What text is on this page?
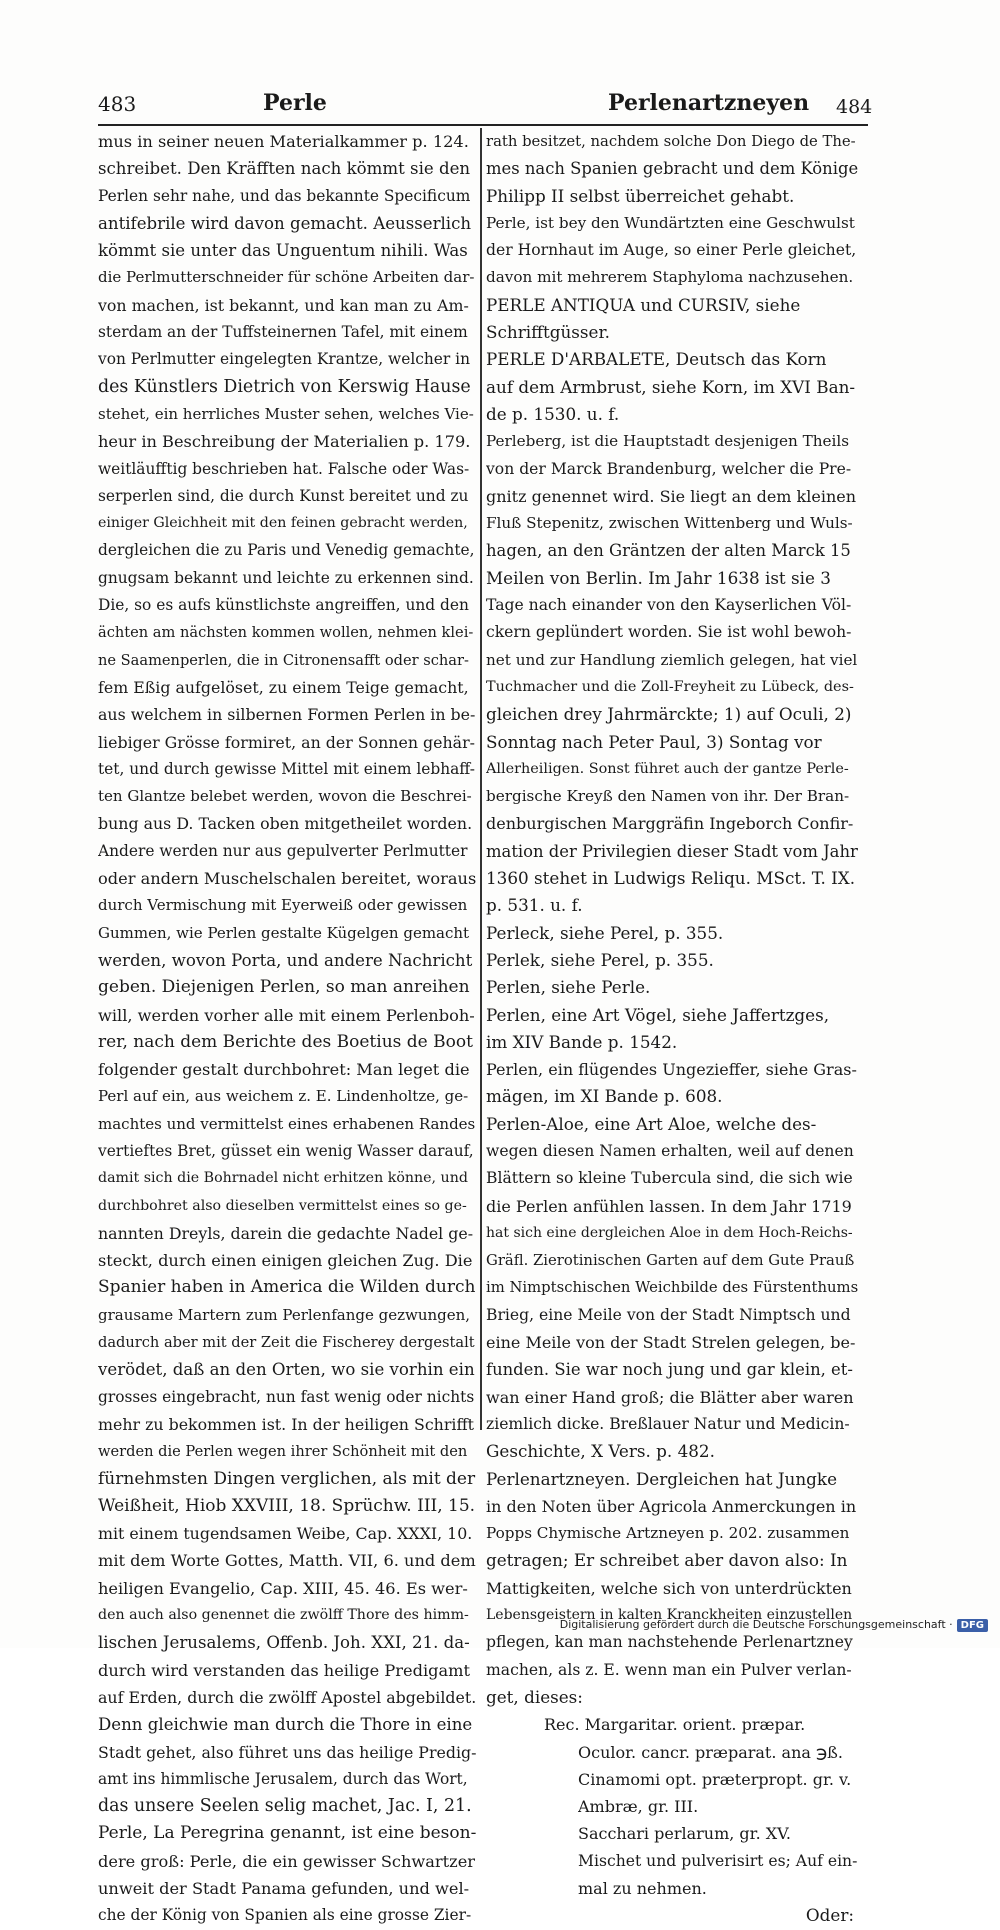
483	Perle	Perlenartzneyen 484
mus in seiner neuen Materialkammer p. 124.
schreibet. Den Kräfften nach kömmt sie den
Perlen sehr nahe, und das bekannte Specificum
antifebrile wird davon gemacht. Aeusserlich
kömmt sie unter das Unguentum nihili. Was
die Perlmutterschneider für schöne Arbeiten dar-
von machen, ist bekannt, und kan man zu Am-
sterdam an der Tuffsteinernen Tafel, mit einem
von Perlmutter eingelegten Krantze, welcher in
des Künstlers Dietrich von Kerswig Hause
stehet, ein herrliches Muster sehen, welches Vie-
heur in Beschreibung der Materialien p. 179.
weitläufftig beschrieben hat. Falsche oder Was-
serperlen sind, die durch Kunst bereitet und zu
einiger Gleichheit mit den feinen gebracht werden,
dergleichen die zu Paris und Venedig gemachte,
gnugsam bekannt und leichte zu erkennen sind.
Die, so es aufs künstlichste angreiffen, und den
ächten am nächsten kommen wollen, nehmen klei-
ne Saamenperlen, die in Citronensafft oder schar-
fem Eßig aufgelöset, zu einem Teige gemacht,
aus welchem in silbernen Formen Perlen in be-
liebiger Grösse formiret, an der Sonnen gehär-
tet, und durch gewisse Mittel mit einem lebhaff-
ten Glantze belebet werden, wovon die Beschrei-
bung aus D. Tacken oben mitgetheilet worden.
Andere werden nur aus gepulverter Perlmutter
oder andern Muschelschalen bereitet, woraus
durch Vermischung mit Eyerweiß oder gewissen
Gummen, wie Perlen gestalte Kügelgen gemacht
werden, wovon Porta, und andere Nachricht
geben. Diejenigen Perlen, so man anreihen
will, werden vorher alle mit einem Perlenboh-
rer, nach dem Berichte des Boetius de Boot
folgender gestalt durchbohret: Man leget die
Perl auf ein, aus weichem z. E. Lindenholtze, ge-
machtes und vermittelst eines erhabenen Randes
vertieftes Bret, güsset ein wenig Wasser darauf,
damit sich die Bohrnadel nicht erhitzen könne, und
durchbohret also dieselben vermittelst eines so ge-
nannten Dreyls, darein die gedachte Nadel ge-
steckt, durch einen einigen gleichen Zug. Die
Spanier haben in America die Wilden durch
grausame Martern zum Perlenfange gezwungen,
dadurch aber mit der Zeit die Fischerey dergestalt
verödet, daß an den Orten, wo sie vorhin ein
grosses eingebracht, nun fast wenig oder nichts
mehr zu bekommen ist. In der heiligen Schrifft
werden die Perlen wegen ihrer Schönheit mit den
fürnehmsten Dingen verglichen, als mit der
Weißheit, Hiob XXVIII, 18. Sprüchw. III, 15.
mit einem tugendsamen Weibe, Cap. XXXI, 10.
mit dem Worte Gottes, Matth. VII, 6. und dem
heiligen Evangelio, Cap. XIII, 45. 46. Es wer-
den auch also genennet die zwölff Thore des himm-
lischen Jerusalems, Offenb. Joh. XXI, 21. da-
durch wird verstanden das heilige Predigamt
auf Erden, durch die zwölff Apostel abgebildet.
Denn gleichwie man durch die Thore in eine
Stadt gehet, also führet uns das heilige Predig-
amt ins himmlische Jerusalem, durch das Wort,
das unsere Seelen selig machet, Jac. I, 21.
Perle, La Peregrina genannt, ist eine beson-
dere groß: Perle, die ein gewisser Schwartzer
unweit der Stadt Panama gefunden, und wel-
che der König von Spanien als eine grosse Zier-
rath besitzet, nachdem solche Don Diego de The-
mes nach Spanien gebracht und dem Könige
Philipp II selbst überreichet gehabt.
Perle, ist bey den Wundärtzten eine Geschwulst
der Hornhaut im Auge, so einer Perle gleichet,
davon mit mehrerem Staphyloma nachzusehen.
PERLE ANTIQUA und CURSIV, siehe
Schrifftgüsser.
PERLE D'ARBALETE, Deutsch das Korn
auf dem Armbrust, siehe Korn, im XVI Ban-
de p. 1530. u. f.
Perleberg, ist die Hauptstadt desjenigen Theils
von der Marck Brandenburg, welcher die Pre-
gnitz genennet wird. Sie liegt an dem kleinen
Fluß Stepenitz, zwischen Wittenberg und Wuls-
hagen, an den Gräntzen der alten Marck 15
Meilen von Berlin. Im Jahr 1638 ist sie 3
Tage nach einander von den Kayserlichen Völ-
ckern geplündert worden. Sie ist wohl bewoh-
net und zur Handlung ziemlich gelegen, hat viel
Tuchmacher und die Zoll-Freyheit zu Lübeck, des-
gleichen drey Jahrmärckte; 1) auf Oculi, 2)
Sonntag nach Peter Paul, 3) Sontag vor
Allerheiligen. Sonst führet auch der gantze Perle-
bergische Kreyß den Namen von ihr. Der Bran-
denburgischen Marggräfin Ingeborch Confir-
mation der Privilegien dieser Stadt vom Jahr
1360 stehet in Ludwigs Reliqu. MSct. T. IX.
p. 531. u. f.
Perleck, siehe Perel, p. 355.
Perlek, siehe Perel, p. 355.
Perlen, siehe Perle.
Perlen, eine Art Vögel, siehe Jaffertzges,
im XIV Bande p. 1542.
Perlen, ein flügendes Ungezieffer, siehe Gras-
mägen, im XI Bande p. 608.
Perlen-Aloe, eine Art Aloe, welche des-
wegen diesen Namen erhalten, weil auf denen
Blättern so kleine Tubercula sind, die sich wie
die Perlen anfühlen lassen. In dem Jahr 1719
hat sich eine dergleichen Aloe in dem Hoch-Reichs-
Gräfl. Zierotinischen Garten auf dem Gute Prauß
im Nimptschischen Weichbilde des Fürstenthums
Brieg, eine Meile von der Stadt Nimptsch und
eine Meile von der Stadt Strelen gelegen, be-
funden. Sie war noch jung und gar klein, et-
wan einer Hand groß; die Blätter aber waren
ziemlich dicke. Breßlauer Natur und Medicin-
Geschichte, X Vers. p. 482.
Perlenartzneyen. Dergleichen hat Jungke
in den Noten über Agricola Anmerckungen in
Popps Chymische Artzneyen p. 202. zusammen
getragen; Er schreibet aber davon also: In
Mattigkeiten, welche sich von unterdrückten
Lebensgeistern in kalten Kranckheiten einzustellen
pflegen, kan man nachstehende Perlenartzney
machen, als z. E. wenn man ein Pulver verlan-
get, dieses:
Rec. Margaritar. orient. præpar.
Oculor. cancr. præparat. ana ℈ß.
Cinamomi opt. præterpropt. gr. v.
Ambræ, gr. III.
Sacchari perlarum, gr. XV.
Mischet und pulverisirt es; Auf ein-
mal zu nehmen.
Oder:
Digitalisierung gefördert durch die Deutsche Forschungsgemeinschaft · DFG
